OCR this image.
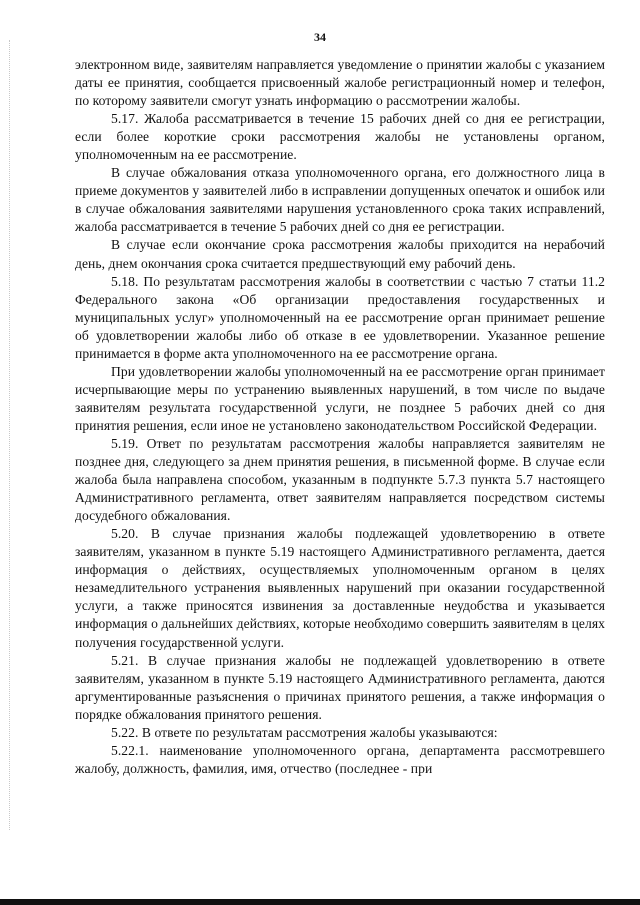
34

электронном виде, заявителям направляется уведомление о принятии жалобы с указанием даты ее принятия, сообщается присвоенный жалобе регистрационный номер и телефон, по которому заявители смогут узнать информацию о рассмотрении жалобы.

5.17. Жалоба рассматривается в течение 15 рабочих дней со дня ее регистрации, если более короткие сроки рассмотрения жалобы не установлены органом, уполномоченным на ее рассмотрение.

В случае обжалования отказа уполномоченного органа, его должностного лица в приеме документов у заявителей либо в исправлении допущенных опечаток и ошибок или в случае обжалования заявителями нарушения установленного срока таких исправлений, жалоба рассматривается в течение 5 рабочих дней со дня ее регистрации.

В случае если окончание срока рассмотрения жалобы приходится на нерабочий день, днем окончания срока считается предшествующий ему рабочий день.

5.18. По результатам рассмотрения жалобы в соответствии с частью 7 статьи 11.2 Федерального закона «Об организации предоставления государственных и муниципальных услуг» уполномоченный на ее рассмотрение орган принимает решение об удовлетворении жалобы либо об отказе в ее удовлетворении. Указанное решение принимается в форме акта уполномоченного на ее рассмотрение органа.

При удовлетворении жалобы уполномоченный на ее рассмотрение орган принимает исчерпывающие меры по устранению выявленных нарушений, в том числе по выдаче заявителям результата государственной услуги, не позднее 5 рабочих дней со дня принятия решения, если иное не установлено законодательством Российской Федерации.

5.19. Ответ по результатам рассмотрения жалобы направляется заявителям не позднее дня, следующего за днем принятия решения, в письменной форме. В случае если жалоба была направлена способом, указанным в подпункте 5.7.3 пункта 5.7 настоящего Административного регламента, ответ заявителям направляется посредством системы досудебного обжалования.

5.20. В случае признания жалобы подлежащей удовлетворению в ответе заявителям, указанном в пункте 5.19 настоящего Административного регламента, дается информация о действиях, осуществляемых уполномоченным органом в целях незамедлительного устранения выявленных нарушений при оказании государственной услуги, а также приносятся извинения за доставленные неудобства и указывается информация о дальнейших действиях, которые необходимо совершить заявителям в целях получения государственной услуги.

5.21. В случае признания жалобы не подлежащей удовлетворению в ответе заявителям, указанном в пункте 5.19 настоящего Административного регламента, даются аргументированные разъяснения о причинах принятого решения, а также информация о порядке обжалования принятого решения.

5.22. В ответе по результатам рассмотрения жалобы указываются:

5.22.1. наименование уполномоченного органа, департамента рассмотревшего жалобу, должность, фамилия, имя, отчество (последнее - при
